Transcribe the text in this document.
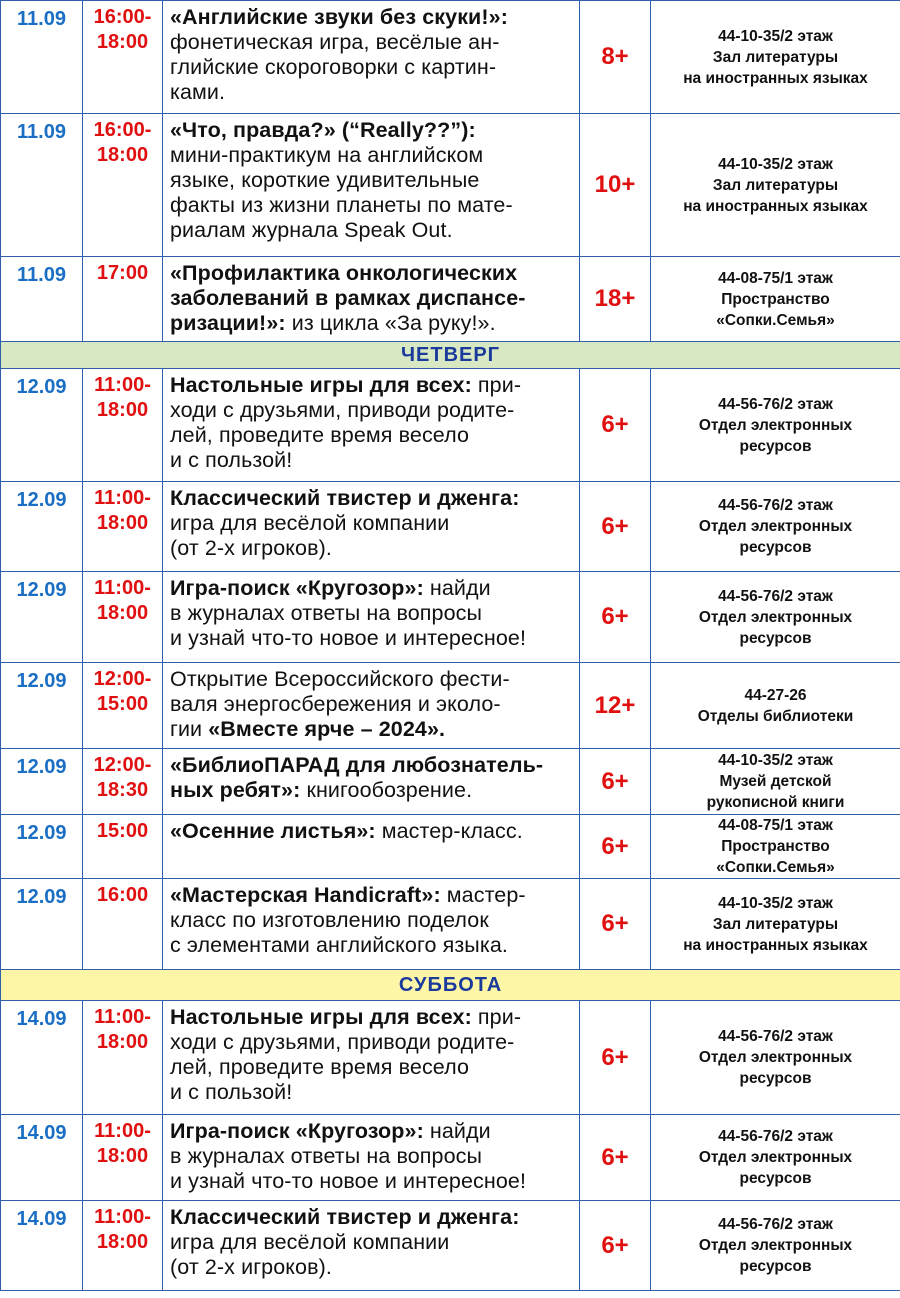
11.09	16:00-
18:00	«Английские звуки без скуки!»:
фонетическая игра, весёлые ан-
глийские скороговорки с картин-
ками.	8+	44-10-35/2 этаж
Зал литературы
на иностранных языках
11.09	16:00-
18:00	«Что, правда?» (“Really??”):
мини-практикум на английском
языке, короткие удивительные
факты из жизни планеты по мате-
риалам журнала Speak Out.	10+	44-10-35/2 этаж
Зал литературы
на иностранных языках
11.09	17:00	«Профилактика онкологических
заболеваний в рамках диспансе-
ризации!»: из цикла «За руку!».	18+	44-08-75/1 этаж
Пространство
«Сопки.Семья»
ЧЕТВЕРГ				
12.09	11:00-
18:00	Настольные игры для всех: при-
ходи с друзьями, приводи родите-
лей, проведите время весело
и с пользой!	6+	44-56-76/2 этаж
Отдел электронных
ресурсов
12.09	11:00-
18:00	Классический твистер и дженга:
игра для весёлой компании
(от 2-х игроков).	6+	44-56-76/2 этаж
Отдел электронных
ресурсов
12.09	11:00-
18:00	Игра-поиск «Кругозор»: найди
в журналах ответы на вопросы
и узнай что-то новое и интересное!	6+	44-56-76/2 этаж
Отдел электронных
ресурсов
12.09	12:00-
15:00	Открытие Всероссийского фести-
валя энергосбережения и эколо-
гии «Вместе ярче – 2024».	12+	44-27-26
Отделы библиотеки
12.09	12:00-
18:30	«БиблиоПАРАД для любознатель-
ных ребят»: книгообозрение.	6+	44-10-35/2 этаж
Музей детской
рукописной книги
12.09	15:00	«Осенние листья»: мастер-класс.	6+	44-08-75/1 этаж
Пространство
«Сопки.Семья»
12.09	16:00	«Мастерская Handicraft»: мастер-
класс по изготовлению поделок
с элементами английского языка.	6+	44-10-35/2 этаж
Зал литературы
на иностранных языках
СУББОТА				
14.09	11:00-
18:00	Настольные игры для всех: при-
ходи с друзьями, приводи родите-
лей, проведите время весело
и с пользой!	6+	44-56-76/2 этаж
Отдел электронных
ресурсов
14.09	11:00-
18:00	Игра-поиск «Кругозор»: найди
в журналах ответы на вопросы
и узнай что-то новое и интересное!	6+	44-56-76/2 этаж
Отдел электронных
ресурсов
14.09	11:00-
18:00	Классический твистер и дженга:
игра для весёлой компании
(от 2-х игроков).	6+	44-56-76/2 этаж
Отдел электронных
ресурсов
